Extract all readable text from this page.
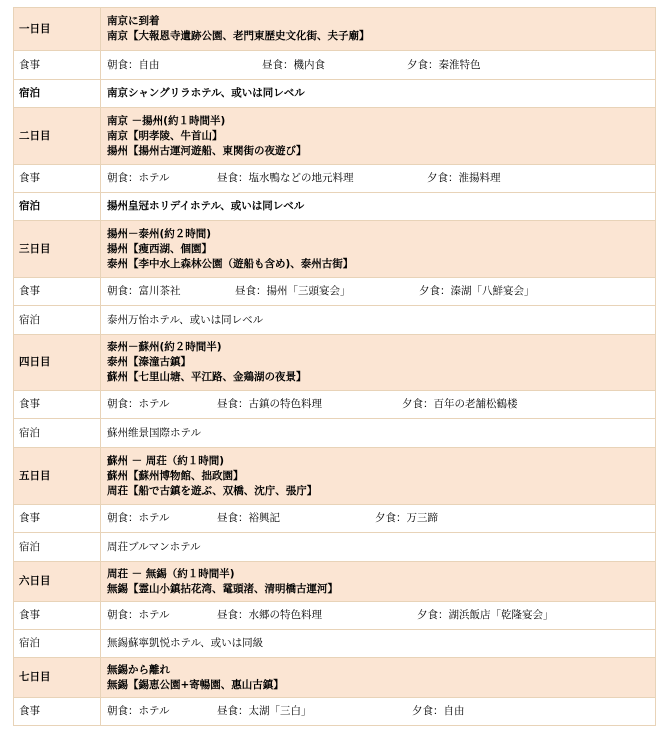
一日目	南京に到着
南京【大報恩寺遺跡公園、老門東歴史文化街、夫子廟】

食事	朝食：自由 昼食：機内食 夕食：秦淮特色

宿泊	南京シャングリラホテル、或いは同レベル
二日目	南京 －揚州(約１時間半)
南京【明孝陵、牛首山】
揚州【揚州古運河遊船、東関街の夜遊び】

食事	朝食：ホテル 昼食：塩水鴨などの地元料理 夕食：淮揚料理

宿泊	揚州皇冠ホリデイホテル、或いは同レベル
三日目	揚州－泰州(約２時間)
揚州【痩西湖、個園】
泰州【李中水上森林公園（遊船も含め)、泰州古街】

食事	朝食：富川茶社 昼食：揚州「三頭宴会」 夕食：溱湖「八鮮宴会」

宿泊	泰州万怡ホテル、或いは同レベル
四日目	泰州－蘇州(約２時間半)
泰州【溱潼古鎮】
蘇州【七里山塘、平江路、金鶏湖の夜景】

食事	朝食：ホテル 昼食：古鎮の特色料理 夕食：百年の老舗松鶴楼

宿泊	蘇州维景国際ホテル
五日目	蘇州 － 周荘（約１時間)
蘇州【蘇州博物館、拙政園】
周荘【船で古鎮を遊ぶ、双橋、沈庁、張庁】

食事	朝食：ホテル 昼食：裕興記 夕食：万三蹄

宿泊	周荘ブルマンホテル
六日目	周荘 － 無錫（約１時間半)
無錫【霊山小鎮拈花湾、鼋頭渚、清明橋古運河】

食事	朝食：ホテル 昼食：水郷の特色料理 夕食：湖浜飯店「乾隆宴会」

宿泊	無錫蘇寧凱悦ホテル、或いは同級
七日目	無錫から離れ
無錫【錫恵公園+寄暢園、惠山古鎮】

食事	朝食：ホテル 昼食：太湖「三白」 夕食：自由
